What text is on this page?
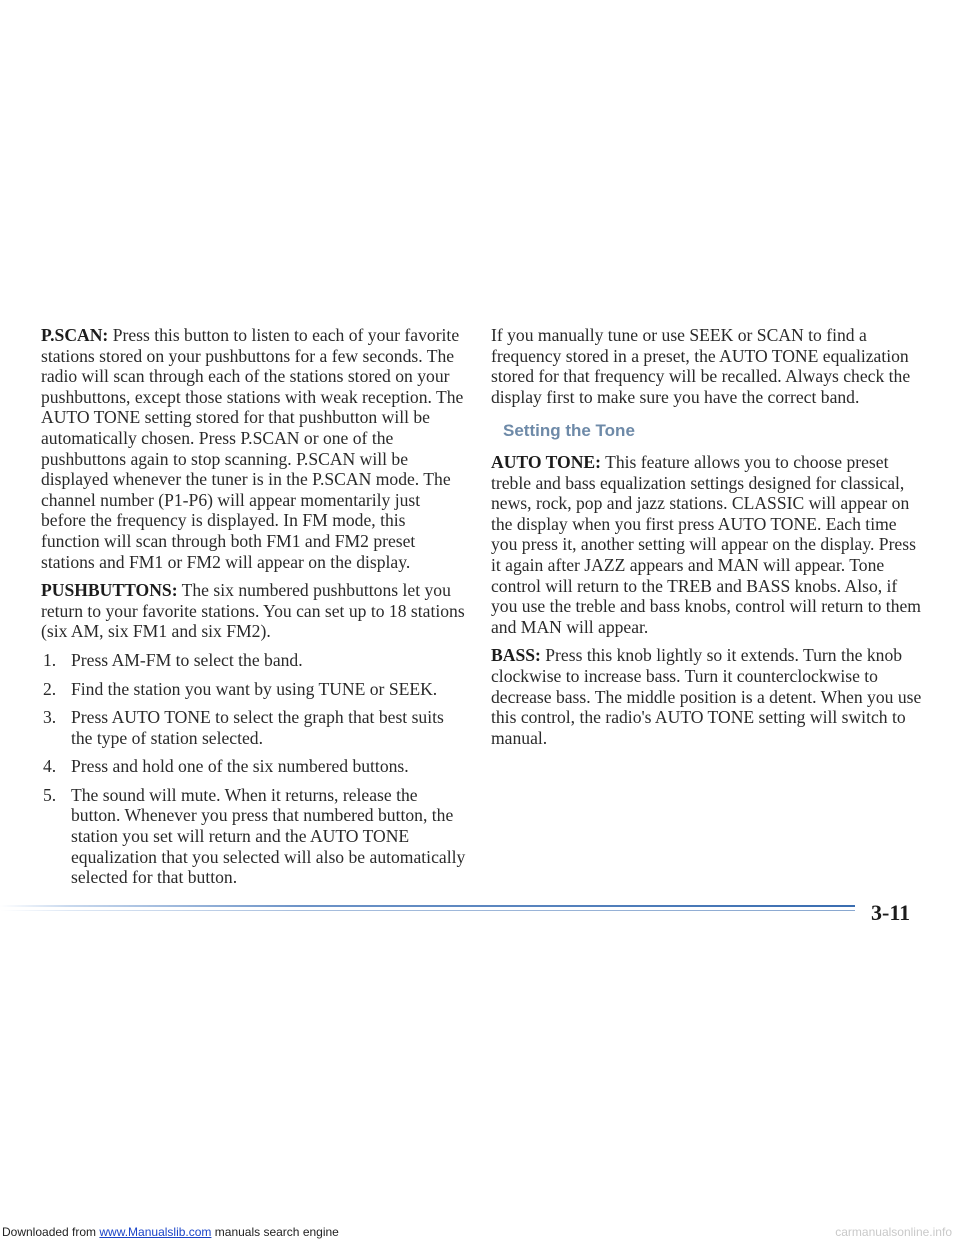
P.SCAN: Press this button to listen to each of your favorite stations stored on your pushbuttons for a few seconds. The radio will scan through each of the stations stored on your pushbuttons, except those stations with weak reception. The AUTO TONE setting stored for that pushbutton will be automatically chosen. Press P.SCAN or one of the pushbuttons again to stop scanning. P.SCAN will be displayed whenever the tuner is in the P.SCAN mode. The channel number (P1-P6) will appear momentarily just before the frequency is displayed. In FM mode, this function will scan through both FM1 and FM2 preset stations and FM1 or FM2 will appear on the display.

PUSHBUTTONS: The six numbered pushbuttons let you return to your favorite stations. You can set up to 18 stations (six AM, six FM1 and six FM2).

1. Press AM-FM to select the band.
2. Find the station you want by using TUNE or SEEK.
3. Press AUTO TONE to select the graph that best suits the type of station selected.
4. Press and hold one of the six numbered buttons.
5. The sound will mute. When it returns, release the button. Whenever you press that numbered button, the station you set will return and the AUTO TONE equalization that you selected will also be automatically selected for that button.

If you manually tune or use SEEK or SCAN to find a frequency stored in a preset, the AUTO TONE equalization stored for that frequency will be recalled. Always check the display first to make sure you have the correct band.

Setting the Tone

AUTO TONE: This feature allows you to choose preset treble and bass equalization settings designed for classical, news, rock, pop and jazz stations. CLASSIC will appear on the display when you first press AUTO TONE. Each time you press it, another setting will appear on the display. Press it again after JAZZ appears and MAN will appear. Tone control will return to the TREB and BASS knobs. Also, if you use the treble and bass knobs, control will return to them and MAN will appear.

BASS: Press this knob lightly so it extends. Turn the knob clockwise to increase bass. Turn it counterclockwise to decrease bass. The middle position is a detent. When you use this control, the radio's AUTO TONE setting will switch to manual.

3-11
Downloaded from www.Manualslib.com manuals search engine	carmanualsonline.info
